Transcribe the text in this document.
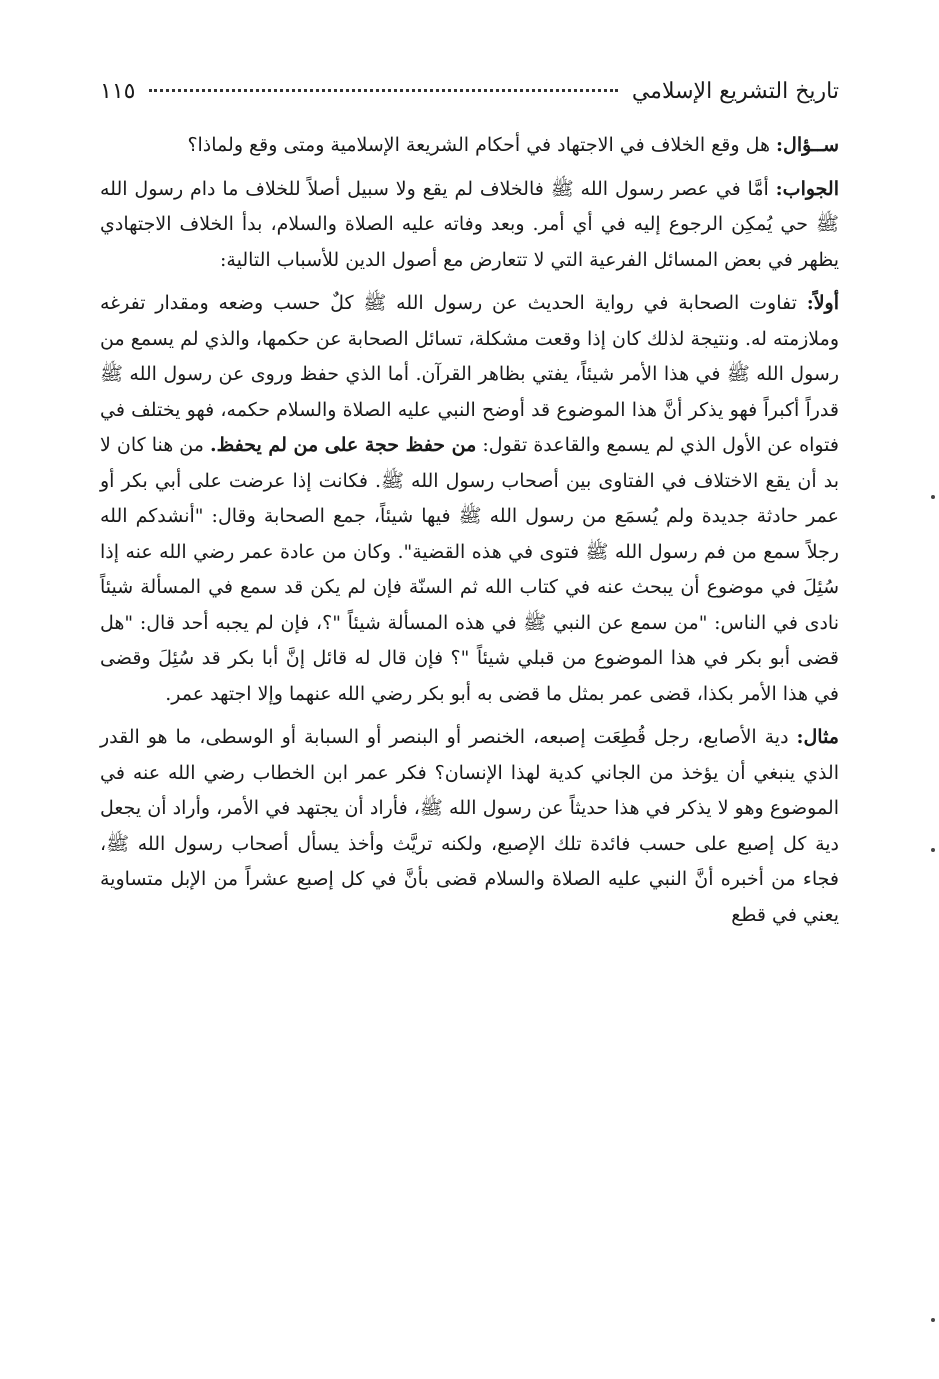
تاريخ التشريع الإسلامي
١١٥

ســؤال: هل وقع الخلاف في الاجتهاد في أحكام الشريعة الإسلامية ومتى وقع ولماذا؟

الجواب: أمَّا في عصر رسول الله ﷺ فالخلاف لم يقع ولا سبيل أصلاً للخلاف ما دام رسول الله ﷺ حي يُمكِن الرجوع إليه في أي أمر. وبعد وفاته عليه الصلاة والسلام، بدأ الخلاف الاجتهادي يظهر في بعض المسائل الفرعية التي لا تتعارض مع أصول الدين للأسباب التالية:

أولاً: تفاوت الصحابة في رواية الحديث عن رسول الله ﷺ كلٌ حسب وضعه ومقدار تفرغه وملازمته له. ونتيجة لذلك كان إذا وقعت مشكلة، تسائل الصحابة عن حكمها، والذي لم يسمع من رسول الله ﷺ في هذا الأمر شيئاً، يفتي بظاهر القرآن. أما الذي حفظ وروى عن رسول الله ﷺ قدراً أكبراً فهو يذكر أنَّ هذا الموضوع قد أوضح النبي عليه الصلاة والسلام حكمه، فهو يختلف في فتواه عن الأول الذي لم يسمع والقاعدة تقول: من حفظ حجة على من لم يحفظ. من هنا كان لا بد أن يقع الاختلاف في الفتاوى بين أصحاب رسول الله ﷺ. فكانت إذا عرضت على أبي بكر أو عمر حادثة جديدة ولم يُسمَع من رسول الله ﷺ فيها شيئاً، جمع الصحابة وقال: "أنشدكم الله رجلاً سمع من فم رسول الله ﷺ فتوى في هذه القضية". وكان من عادة عمر رضي الله عنه إذا سُئِلَ في موضوع أن يبحث عنه في كتاب الله ثم السنّة فإن لم يكن قد سمع في المسألة شيئاً نادى في الناس: "من سمع عن النبي ﷺ في هذه المسألة شيئاً "؟، فإن لم يجبه أحد قال: "هل قضى أبو بكر في هذا الموضوع من قبلي شيئاً "؟ فإن قال له قائل إنَّ أبا بكر قد سُئِلَ وقضى في هذا الأمر بكذا، قضى عمر بمثل ما قضى به أبو بكر رضي الله عنهما وإلا اجتهد عمر.

مثال: دية الأصابع، رجل قُطِعَت إصبعه، الخنصر أو البنصر أو السبابة أو الوسطى، ما هو القدر الذي ينبغي أن يؤخذ من الجاني كدية لهذا الإنسان؟ فكر عمر ابن الخطاب رضي الله عنه في الموضوع وهو لا يذكر في هذا حديثاً عن رسول الله ﷺ، فأراد أن يجتهد في الأمر، وأراد أن يجعل دية كل إصبع على حسب فائدة تلك الإصبع، ولكنه تريَّث وأخذ يسأل أصحاب رسول الله ﷺ، فجاء من أخبره أنَّ النبي عليه الصلاة والسلام قضى بأنَّ في كل إصبع عشراً من الإبل متساوية يعني في قطع
